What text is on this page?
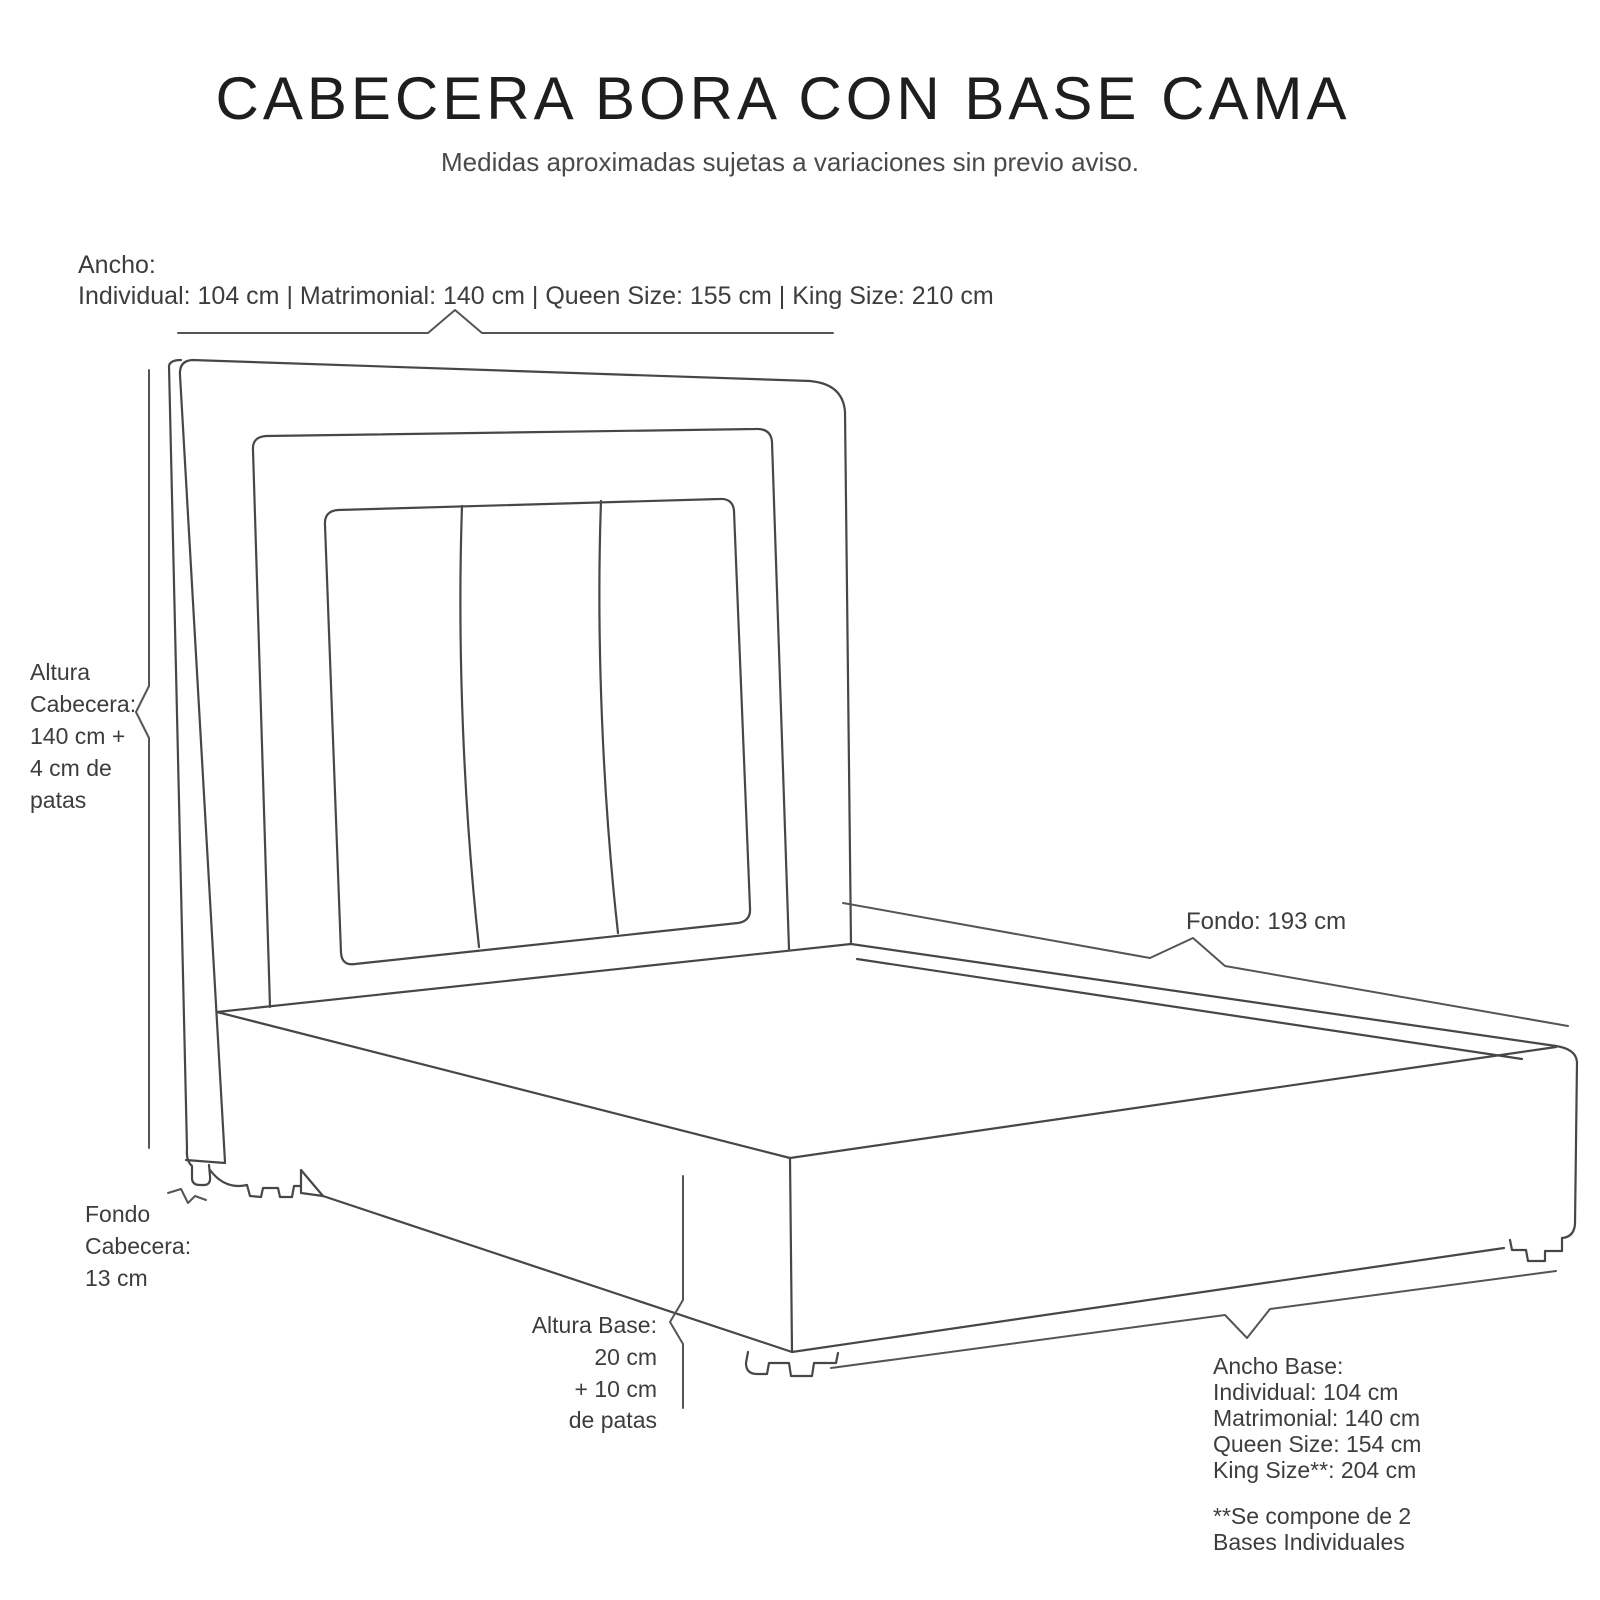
CABECERA BORA CON BASE CAMA
Medidas aproximadas sujetas a variaciones sin previo aviso.
Ancho:
Individual: 104 cm | Matrimonial: 140 cm | Queen Size: 155 cm | King Size: 210 cm
Altura
Cabecera:
140 cm +
4 cm de
patas
Fondo: 193 cm
Fondo
Cabecera:
13 cm
Altura Base:
20 cm
+ 10 cm
de patas
Ancho Base:
Individual: 104 cm
Matrimonial: 140 cm
Queen Size: 154 cm
King Size**: 204 cm
**Se compone de 2
Bases Individuales
